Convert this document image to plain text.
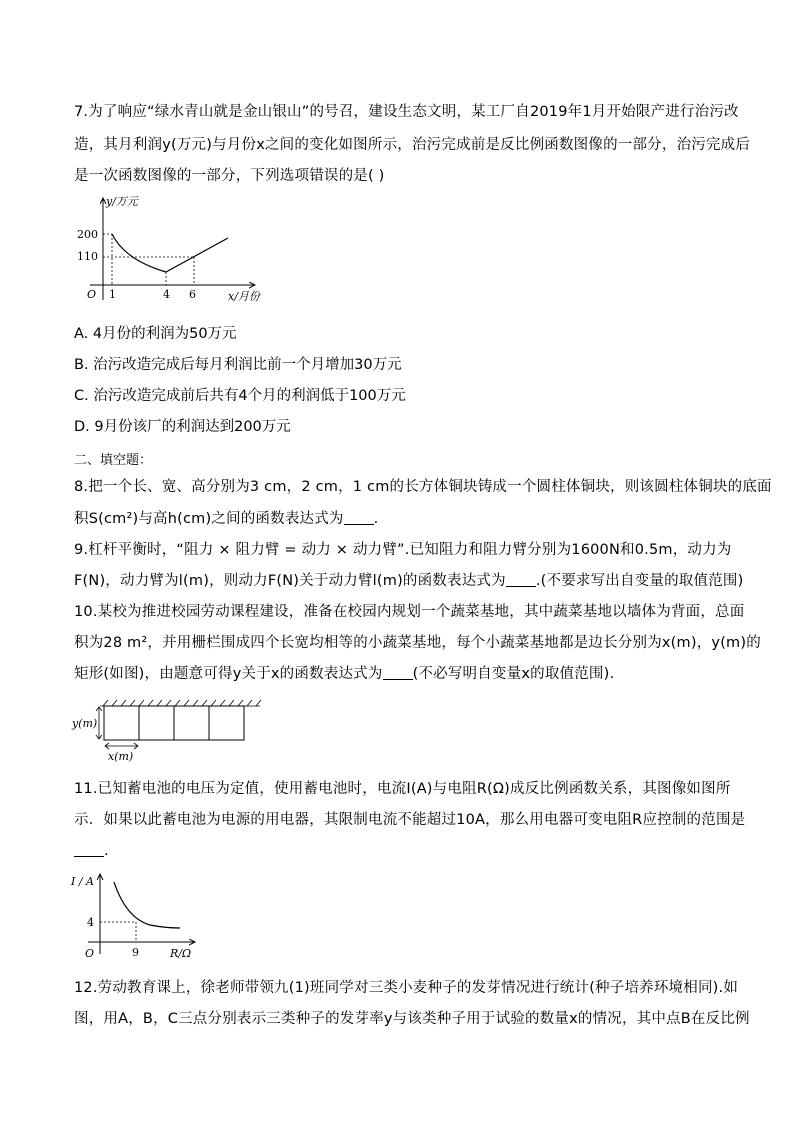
7.为了响应“绿水青山就是金山银山”的号召，建设生态文明，某工厂自2019年1月开始限产进行治污改
造，其月利润y(万元)与月份x之间的变化如图所示，治污完成前是反比例函数图像的一部分，治污完成后
是一次函数图像的一部分，下列选项错误的是( )
y/万元
x/月份
O
200
110
1	4 6
A. 4月份的利润为50万元
B. 治污改造完成后每月利润比前一个月增加30万元
C. 治污改造完成前后共有4个月的利润低于100万元
D. 9月份该厂的利润达到200万元
二、填空题：
8.把一个长、宽、高分别为3 cm，2 cm，1 cm的长方体铜块铸成一个圆柱体铜块，则该圆柱体铜块的底面
积S(cm²)与高h(cm)之间的函数表达式为 .
9.杠杆平衡时，“阻力 × 阻力臂 = 动力 × 动力臂”.已知阻力和阻力臂分别为1600N和0.5m，动力为
F(N)，动力臂为l(m)，则动力F(N)关于动力臂l(m)的函数表达式为 .(不要求写出自变量的取值范围)
10.某校为推进校园劳动课程建设，准备在校园内规划一个蔬菜基地，其中蔬菜基地以墙体为背面，总面
积为28 m²，并用栅栏围成四个长宽均相等的小蔬菜基地，每个小蔬菜基地都是边长分别为x(m)，y(m)的
矩形(如图)，由题意可得y关于x的函数表达式为 (不必写明自变量x的取值范围).
y(m)
x(m)
11.已知蓄电池的电压为定值，使用蓄电池时，电流I(A)与电阻R(Ω)成反比例函数关系，其图像如图所
示．如果以此蓄电池为电源的用电器，其限制电流不能超过10A，那么用电器可变电阻R应控制的范围是
.
I / A
R/Ω
O
4
9
12.劳动教育课上，徐老师带领九(1)班同学对三类小麦种子的发芽情况进行统计(种子培养环境相同).如
图，用A，B，C三点分别表示三类种子的发芽率y与该类种子用于试验的数量x的情况，其中点B在反比例
